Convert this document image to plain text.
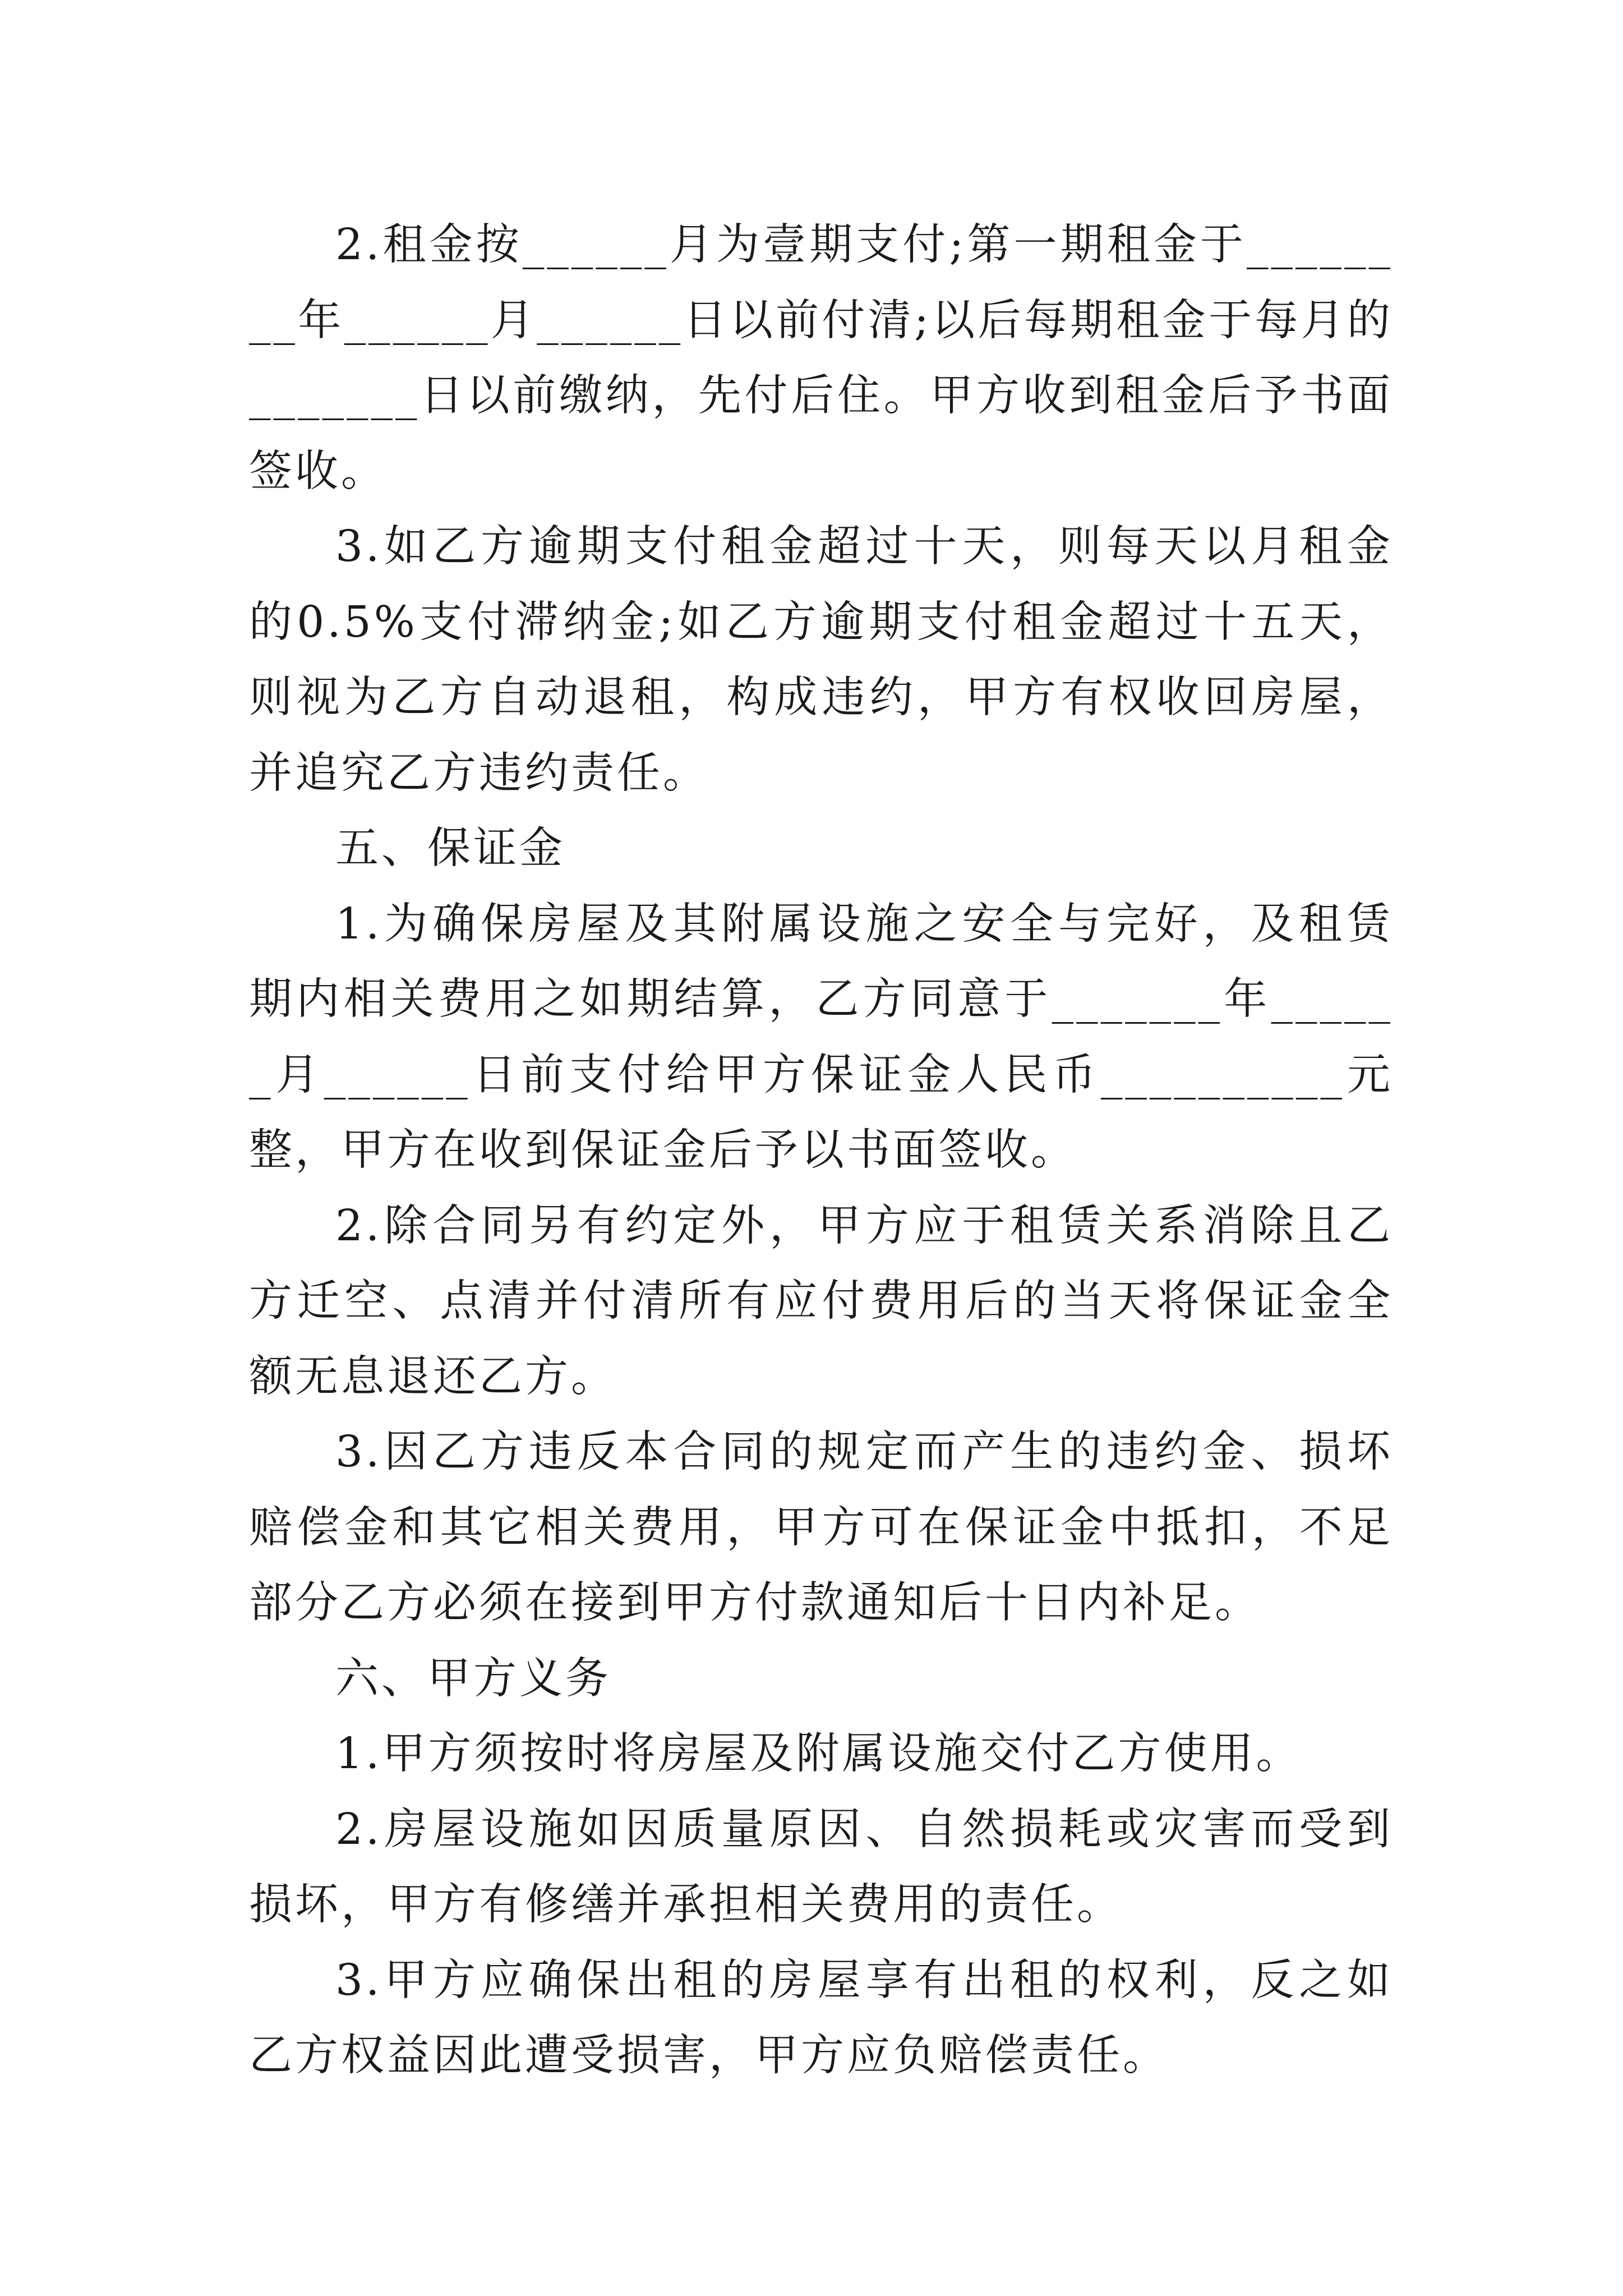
2.租金按______月为壹期支付;第一期租金于________年______月______日以前付清;以后每期租金于每月的_______日以前缴纳，先付后住。甲方收到租金后予书面签收。

3.如乙方逾期支付租金超过十天，则每天以月租金的0.5%支付滞纳金;如乙方逾期支付租金超过十五天，则视为乙方自动退租，构成违约，甲方有权收回房屋，并追究乙方违约责任。

五、保证金

1.为确保房屋及其附属设施之安全与完好，及租赁期内相关费用之如期结算，乙方同意于_______年______月______日前支付给甲方保证金人民币__________元整，甲方在收到保证金后予以书面签收。

2.除合同另有约定外，甲方应于租赁关系消除且乙方迁空、点清并付清所有应付费用后的当天将保证金全额无息退还乙方。

3.因乙方违反本合同的规定而产生的违约金、损坏赔偿金和其它相关费用，甲方可在保证金中抵扣，不足部分乙方必须在接到甲方付款通知后十日内补足。

六、甲方义务

1.甲方须按时将房屋及附属设施交付乙方使用。

2.房屋设施如因质量原因、自然损耗或灾害而受到损坏，甲方有修缮并承担相关费用的责任。

3.甲方应确保出租的房屋享有出租的权利，反之如乙方权益因此遭受损害，甲方应负赔偿责任。
